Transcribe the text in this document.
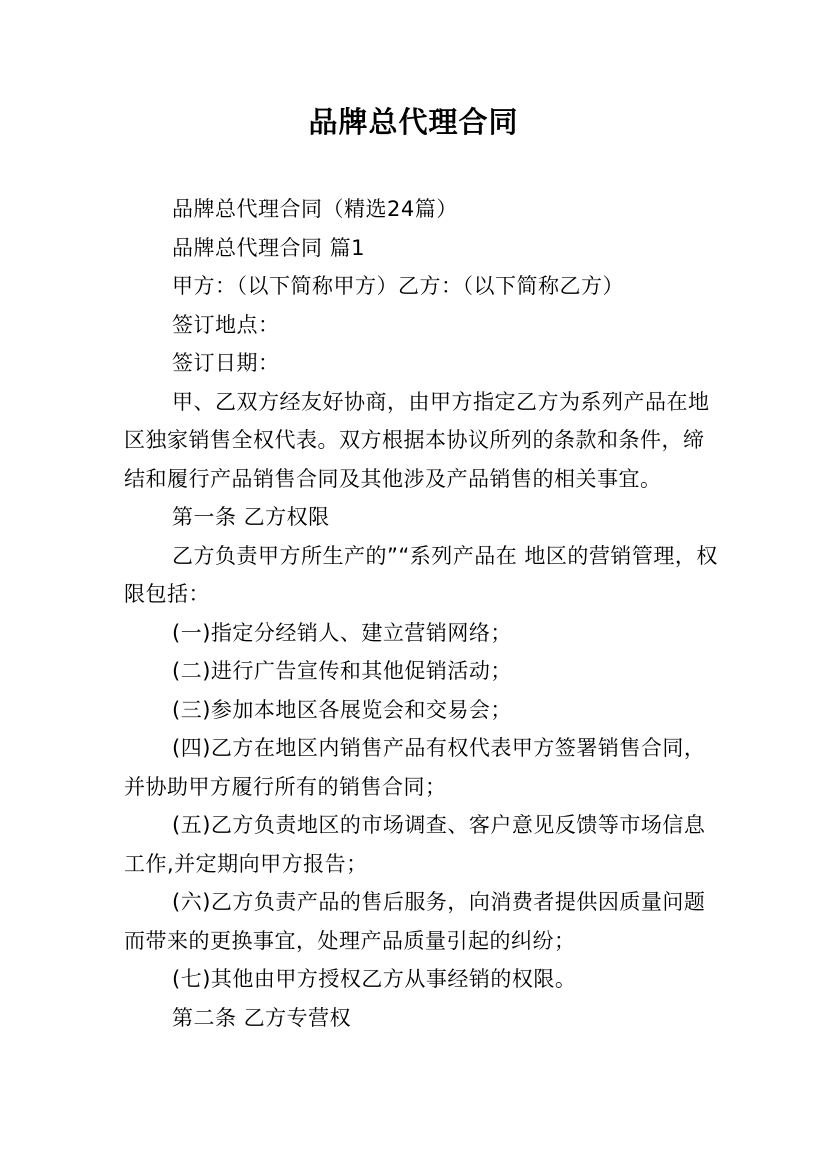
品牌总代理合同

品牌总代理合同（精选24篇）

品牌总代理合同 篇1

甲方：（以下简称甲方）乙方：（以下简称乙方）

签订地点：

签订日期：

甲、乙双方经友好协商，由甲方指定乙方为系列产品在地区独家销售全权代表。双方根据本协议所列的条款和条件，缔结和履行产品销售合同及其他涉及产品销售的相关事宜。

第一条 乙方权限

乙方负责甲方所生产的”“系列产品在 地区的营销管理，权限包括：

(一)指定分经销人、建立营销网络；

(二)进行广告宣传和其他促销活动；

(三)参加本地区各展览会和交易会；

(四)乙方在地区内销售产品有权代表甲方签署销售合同，并协助甲方履行所有的销售合同；

(五)乙方负责地区的市场调查、客户意见反馈等市场信息工作,并定期向甲方报告；

(六)乙方负责产品的售后服务，向消费者提供因质量问题而带来的更换事宜，处理产品质量引起的纠纷；

(七)其他由甲方授权乙方从事经销的权限。

第二条 乙方专营权
